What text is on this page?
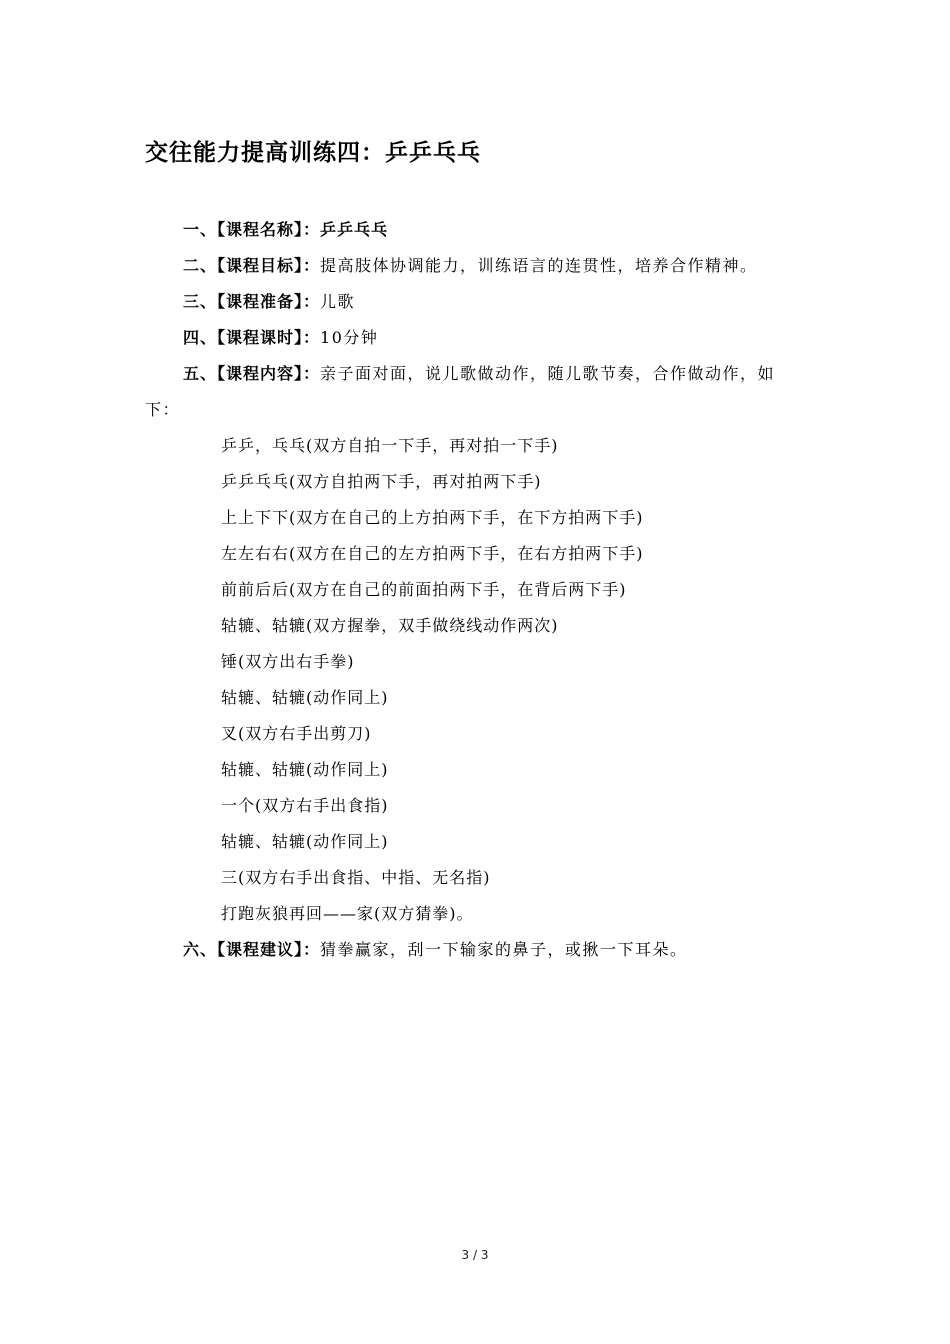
交往能力提高训练四：乒乒乓乓

一、【课程名称】：乒乒乓乓

二、【课程目标】：提高肢体协调能力，训练语言的连贯性，培养合作精神。

三、【课程准备】：儿歌

四、【课程课时】：10分钟

五、【课程内容】：亲子面对面，说儿歌做动作，随儿歌节奏，合作做动作，如下：

乒乒，乓乓(双方自拍一下手，再对拍一下手)

乒乒乓乓(双方自拍两下手，再对拍两下手)

上上下下(双方在自己的上方拍两下手，在下方拍两下手)

左左右右(双方在自己的左方拍两下手，在右方拍两下手)

前前后后(双方在自己的前面拍两下手，在背后两下手)

轱辘、轱辘(双方握拳，双手做绕线动作两次)

锤(双方出右手拳)

轱辘、轱辘(动作同上)

叉(双方右手出剪刀)

轱辘、轱辘(动作同上)

一个(双方右手出食指)

轱辘、轱辘(动作同上)

三(双方右手出食指、中指、无名指)

打跑灰狼再回——家(双方猜拳)。

六、【课程建议】：猜拳赢家，刮一下输家的鼻子，或揪一下耳朵。

3 / 3
